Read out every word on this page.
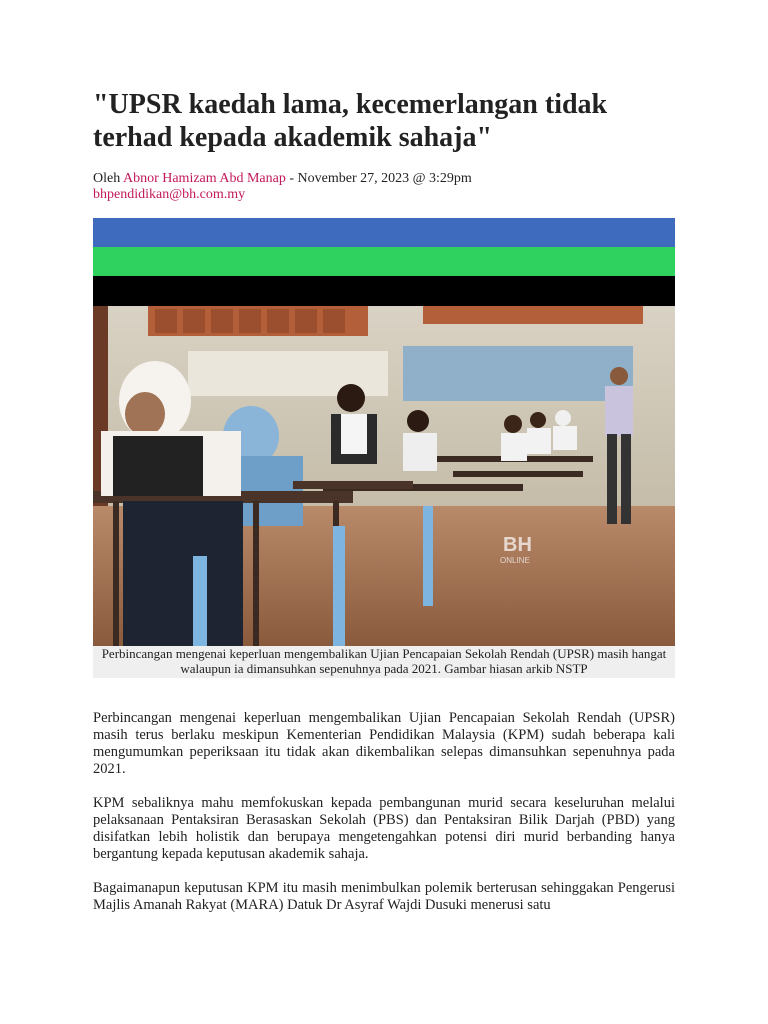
"UPSR kaedah lama, kecemerlangan tidak terhad kepada akademik sahaja"
Oleh Abnor Hamizam Abd Manap - November 27, 2023 @ 3:29pm
bhpendidikan@bh.com.my
BH
ONLINE
Perbincangan mengenai keperluan mengembalikan Ujian Pencapaian Sekolah Rendah (UPSR) masih hangat walaupun ia dimansuhkan sepenuhnya pada 2021. Gambar hiasan arkib NSTP

Perbincangan mengenai keperluan mengembalikan Ujian Pencapaian Sekolah Rendah (UPSR) masih terus berlaku meskipun Kementerian Pendidikan Malaysia (KPM) sudah beberapa kali mengumumkan peperiksaan itu tidak akan dikembalikan selepas dimansuhkan sepenuhnya pada 2021.

KPM sebaliknya mahu memfokuskan kepada pembangunan murid secara keseluruhan melalui pelaksanaan Pentaksiran Berasaskan Sekolah (PBS) dan Pentaksiran Bilik Darjah (PBD) yang disifatkan lebih holistik dan berupaya mengetengahkan potensi diri murid berbanding hanya bergantung kepada keputusan akademik sahaja.

Bagaimanapun keputusan KPM itu masih menimbulkan polemik berterusan sehinggakan Pengerusi Majlis Amanah Rakyat (MARA) Datuk Dr Asyraf Wajdi Dusuki menerusi satu
